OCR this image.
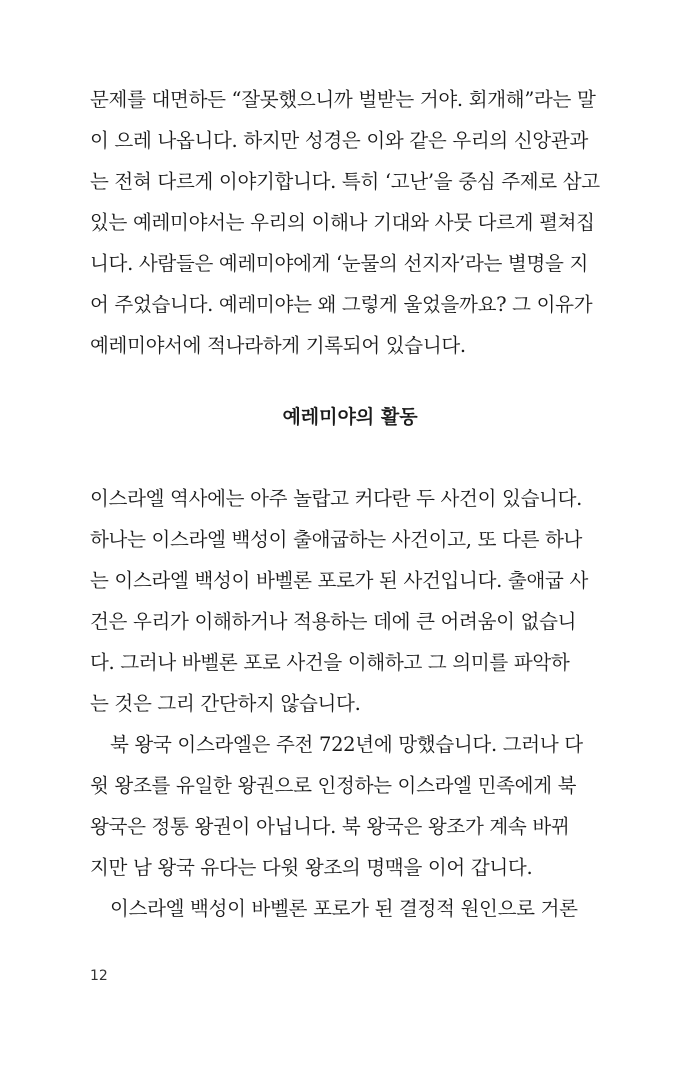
문제를 대면하든 “잘못했으니까 벌받는 거야. 회개해”라는 말
이 으레 나옵니다. 하지만 성경은 이와 같은 우리의 신앙관과
는 전혀 다르게 이야기합니다. 특히 ‘고난’을 중심 주제로 삼고
있는 예레미야서는 우리의 이해나 기대와 사뭇 다르게 펼쳐집
니다. 사람들은 예레미야에게 ‘눈물의 선지자’라는 별명을 지
어 주었습니다. 예레미야는 왜 그렇게 울었을까요? 그 이유가
예레미야서에 적나라하게 기록되어 있습니다.
예레미야의 활동
이스라엘 역사에는 아주 놀랍고 커다란 두 사건이 있습니다.
하나는 이스라엘 백성이 출애굽하는 사건이고, 또 다른 하나
는 이스라엘 백성이 바벨론 포로가 된 사건입니다. 출애굽 사
건은 우리가 이해하거나 적용하는 데에 큰 어려움이 없습니
다. 그러나 바벨론 포로 사건을 이해하고 그 의미를 파악하
는 것은 그리 간단하지 않습니다.
북 왕국 이스라엘은 주전 722년에 망했습니다. 그러나 다
윗 왕조를 유일한 왕권으로 인정하는 이스라엘 민족에게 북
왕국은 정통 왕권이 아닙니다. 북 왕국은 왕조가 계속 바뀌
지만 남 왕국 유다는 다윗 왕조의 명맥을 이어 갑니다.
이스라엘 백성이 바벨론 포로가 된 결정적 원인으로 거론
12
